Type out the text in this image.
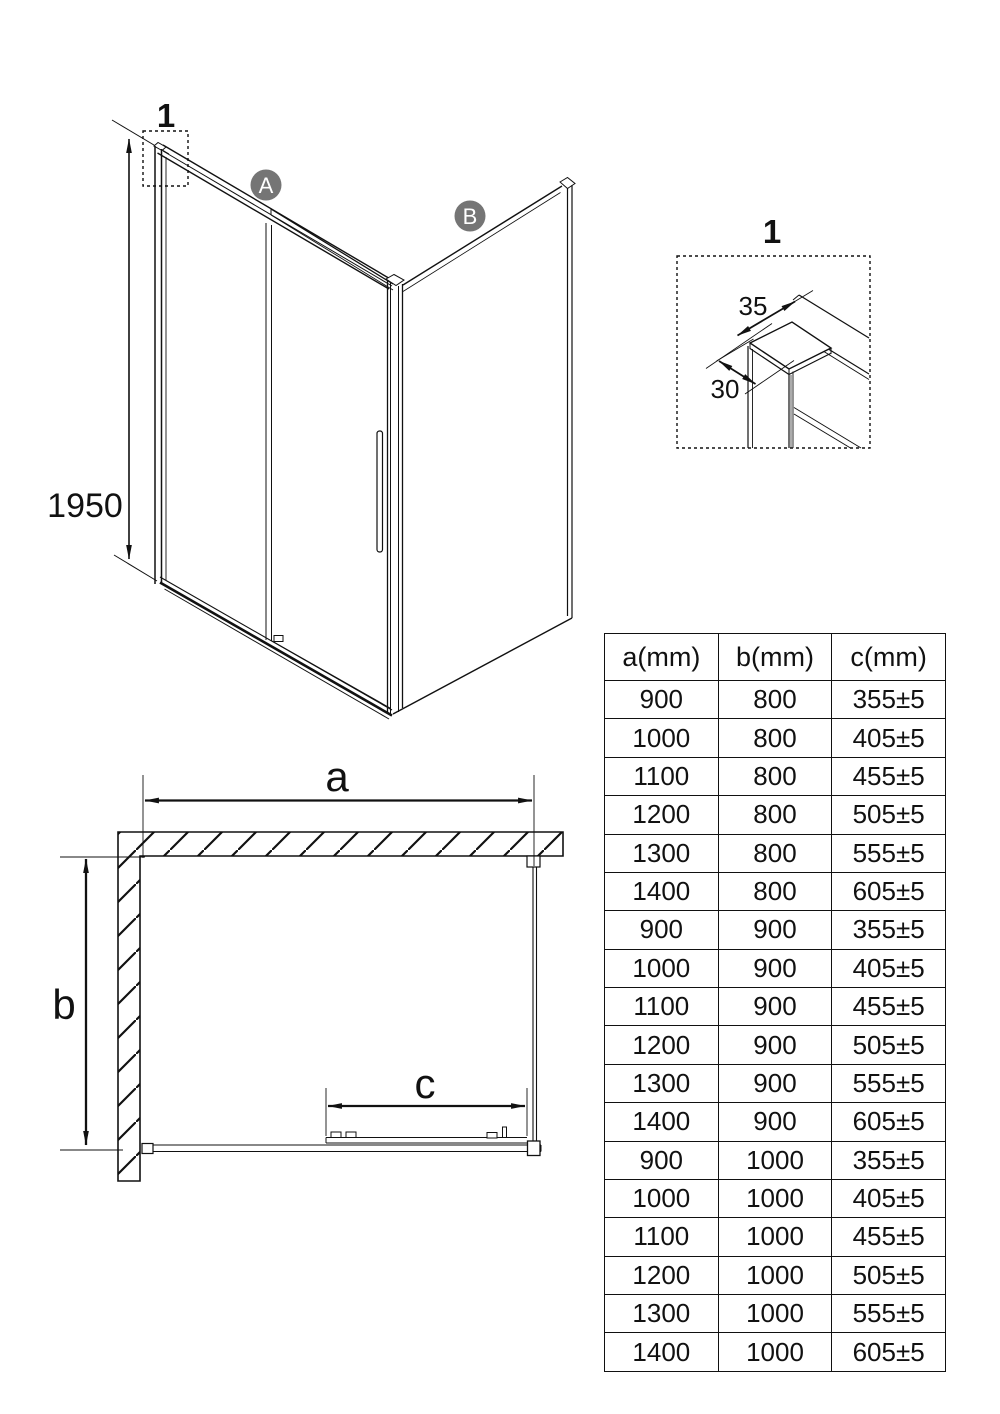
1
1950
A
B	1
35
30
a
b
c
a(mm)	b(mm)	c(mm)
900	800	355±5
1000	800	405±5
1100	800	455±5
1200	800	505±5
1300	800	555±5
1400	800	605±5
900	900	355±5
1000	900	405±5
1100	900	455±5
1200	900	505±5
1300	900	555±5
1400	900	605±5
900	1000	355±5
1000	1000	405±5
1100	1000	455±5
1200	1000	505±5
1300	1000	555±5
1400	1000	605±5
